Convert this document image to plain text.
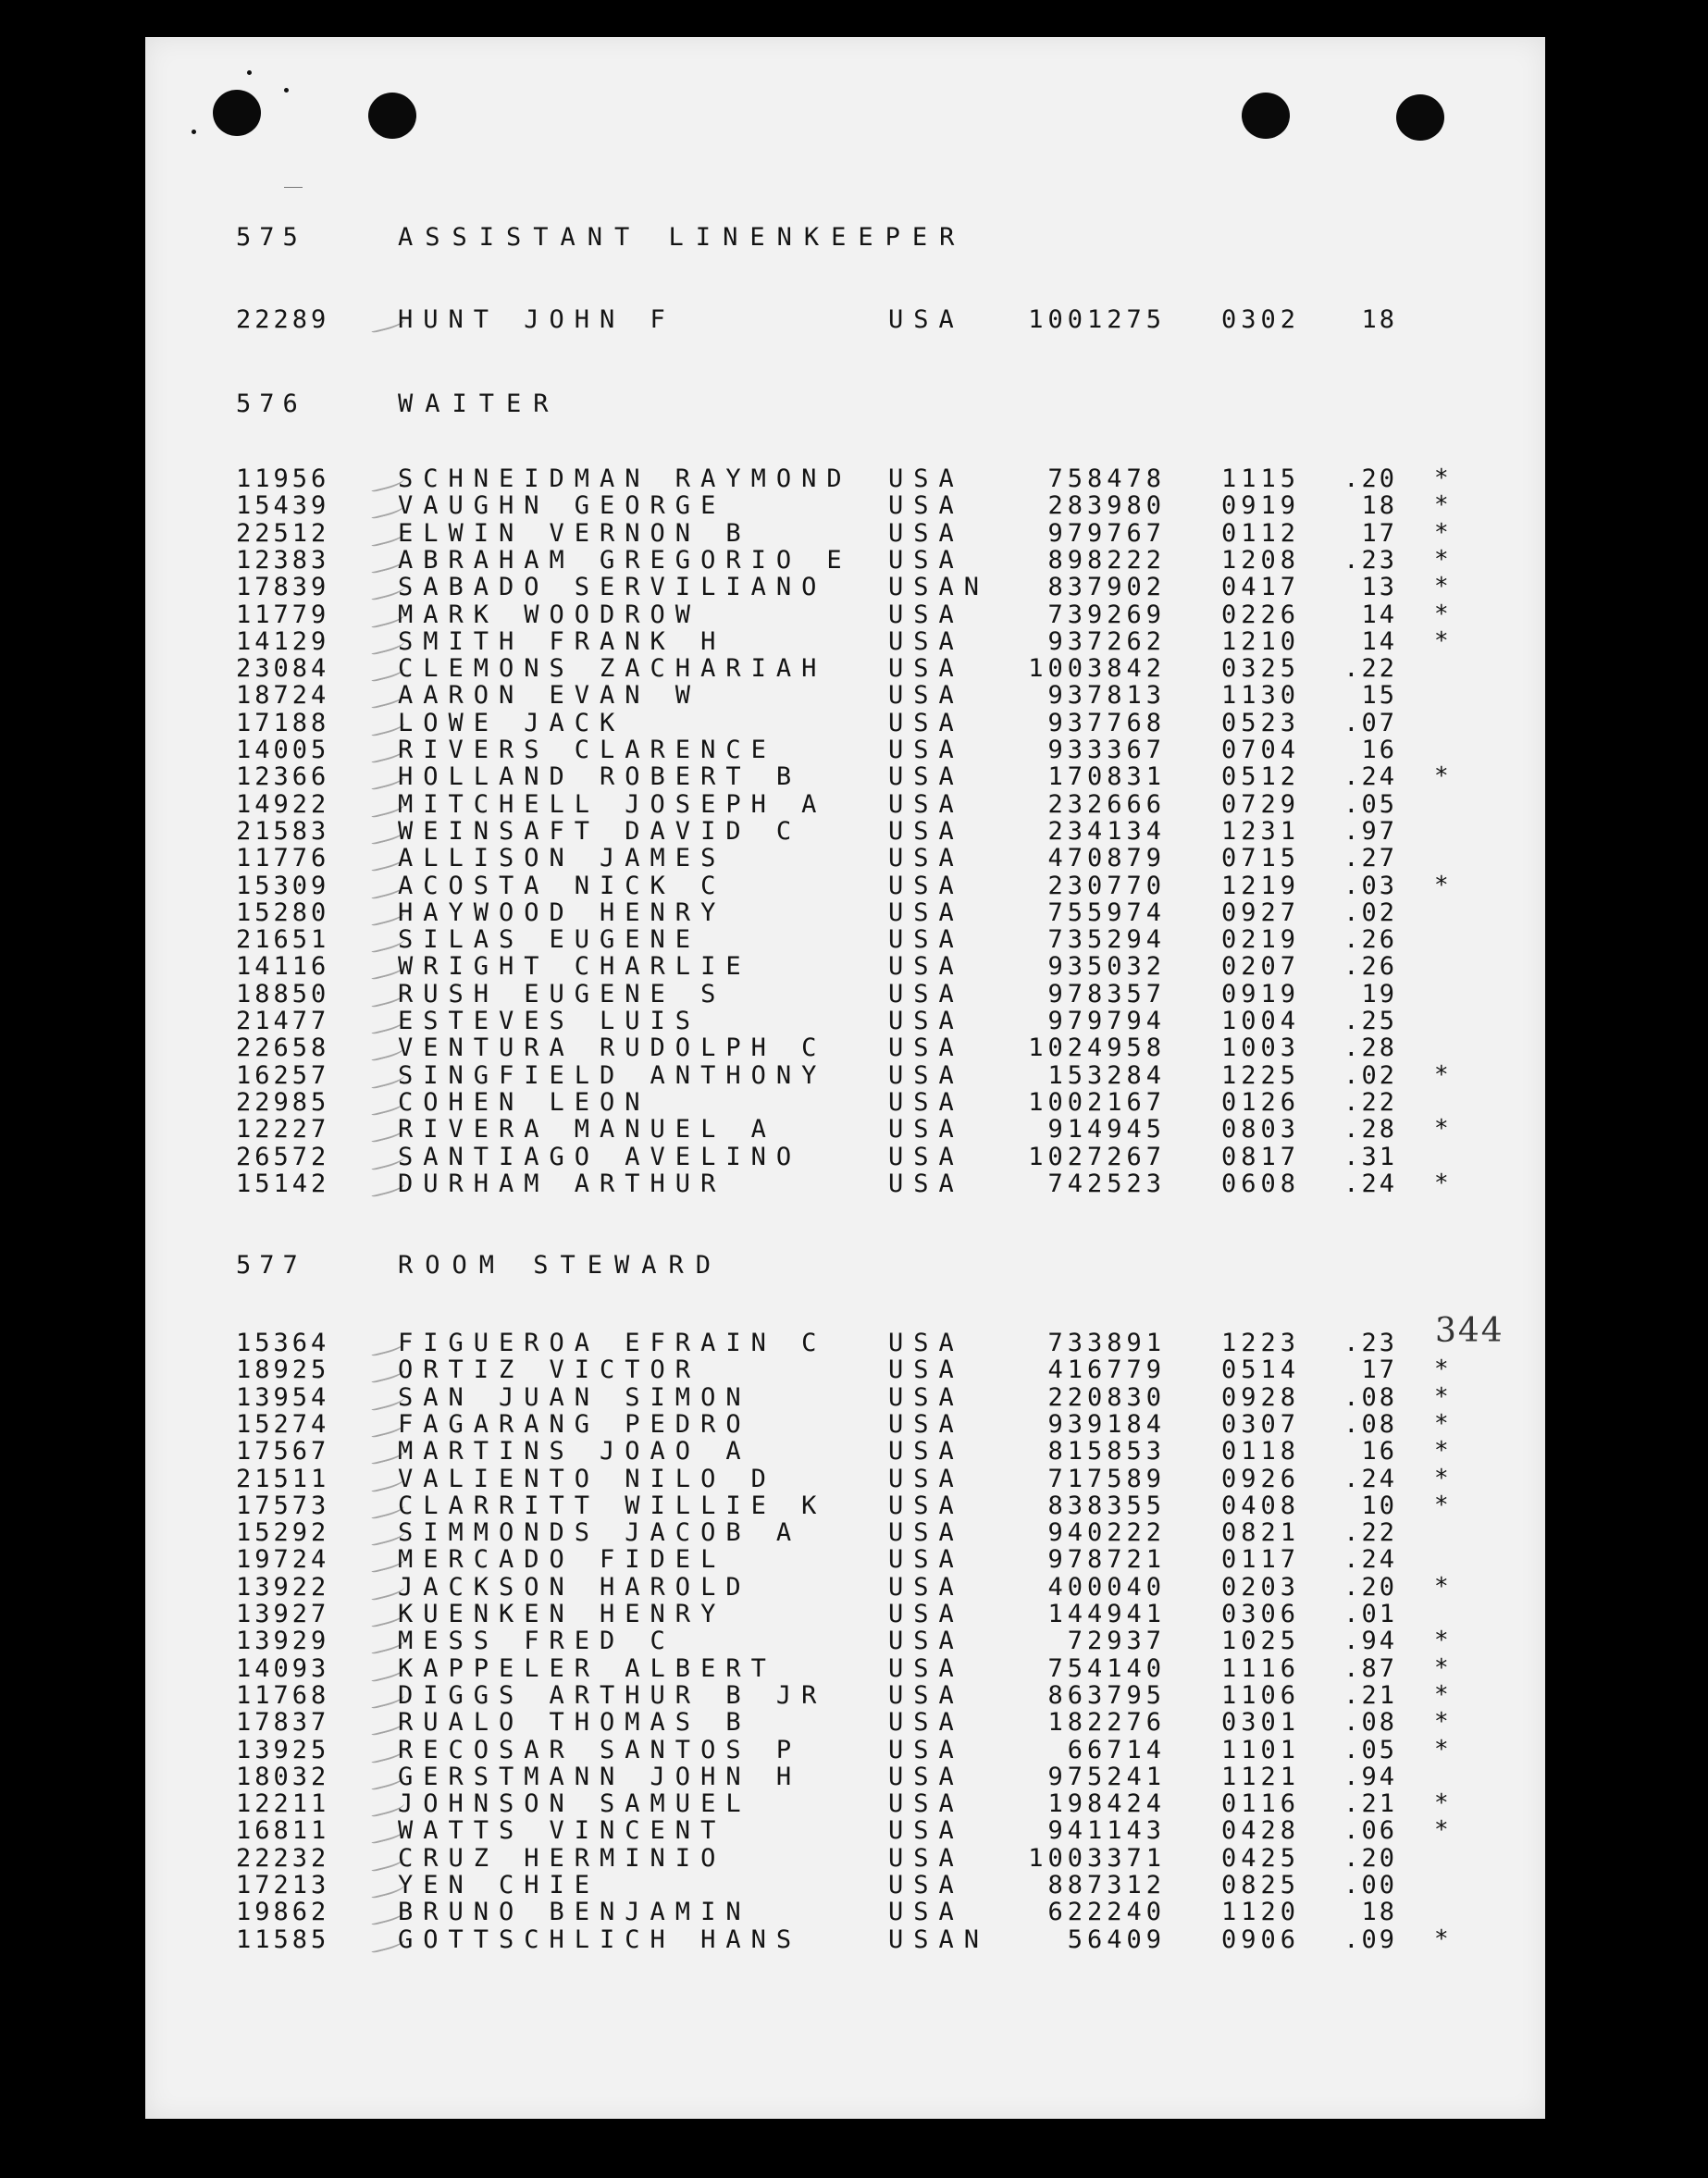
344
575	ASSISTANT LINENKEEPER
22289	HUNT JOHN F	USA	1001275	0302	18
576	WAITER
11956	SCHNEIDMAN RAYMOND	USA	758478	1115	.20 *
15439	VAUGHN GEORGE	USA	283980	0919	18 *
22512	ELWIN VERNON B	USA	979767	0112	17 *
12383	ABRAHAM GREGORIO E	USA	898222	1208	.23 *
17839	SABADO SERVILIANO	USAN	837902	0417	13 *
11779	MARK WOODROW	USA	739269	0226	14 *
14129	SMITH FRANK H	USA	937262	1210	14 *
23084	CLEMONS ZACHARIAH	USA	1003842	0325	.22
18724	AARON EVAN W	USA	937813	1130	15
17188	LOWE JACK	USA	937768	0523	.07
14005	RIVERS CLARENCE	USA	933367	0704	16
12366	HOLLAND ROBERT B	USA	170831	0512	.24 *
14922	MITCHELL JOSEPH A	USA	232666	0729	.05
21583	WEINSAFT DAVID C	USA	234134	1231	.97
11776	ALLISON JAMES	USA	470879	0715	.27
15309	ACOSTA NICK C	USA	230770	1219	.03 *
15280	HAYWOOD HENRY	USA	755974	0927	.02
21651	SILAS EUGENE	USA	735294	0219	.26
14116	WRIGHT CHARLIE	USA	935032	0207	.26
18850	RUSH EUGENE S	USA	978357	0919	19
21477	ESTEVES LUIS	USA	979794	1004	.25
22658	VENTURA RUDOLPH C	USA	1024958	1003	.28
16257	SINGFIELD ANTHONY	USA	153284	1225	.02 *
22985	COHEN LEON	USA	1002167	0126	.22
12227	RIVERA MANUEL A	USA	914945	0803	.28 *
26572	SANTIAGO AVELINO	USA	1027267	0817	.31
15142	DURHAM ARTHUR	USA	742523	0608	.24 *
577	ROOM STEWARD
15364	FIGUEROA EFRAIN C	USA	733891	1223	.23
18925	ORTIZ VICTOR	USA	416779	0514	17 *
13954	SAN JUAN SIMON	USA	220830	0928	.08 *
15274	FAGARANG PEDRO	USA	939184	0307	.08 *
17567	MARTINS JOAO A	USA	815853	0118	16 *
21511	VALIENTO NILO D	USA	717589	0926	.24 *
17573	CLARRITT WILLIE K	USA	838355	0408	10 *
15292	SIMMONDS JACOB A	USA	940222	0821	.22
19724	MERCADO FIDEL	USA	978721	0117	.24
13922	JACKSON HAROLD	USA	400040	0203	.20 *
13927	KUENKEN HENRY	USA	144941	0306	.01
13929	MESS FRED C	USA	72937	1025	.94 *
14093	KAPPELER ALBERT	USA	754140	1116	.87 *
11768	DIGGS ARTHUR B JR	USA	863795	1106	.21 *
17837	RUALO THOMAS B	USA	182276	0301	.08 *
13925	RECOSAR SANTOS P	USA	66714	1101	.05 *
18032	GERSTMANN JOHN H	USA	975241	1121	.94
12211	JOHNSON SAMUEL	USA	198424	0116	.21 *
16811	WATTS VINCENT	USA	941143	0428	.06 *
22232	CRUZ HERMINIO	USA	1003371	0425	.20
17213	YEN CHIE	USA	887312	0825	.00
19862	BRUNO BENJAMIN	USA	622240	1120	18
11585	GOTTSCHLICH HANS	USAN	56409	0906	.09 *
